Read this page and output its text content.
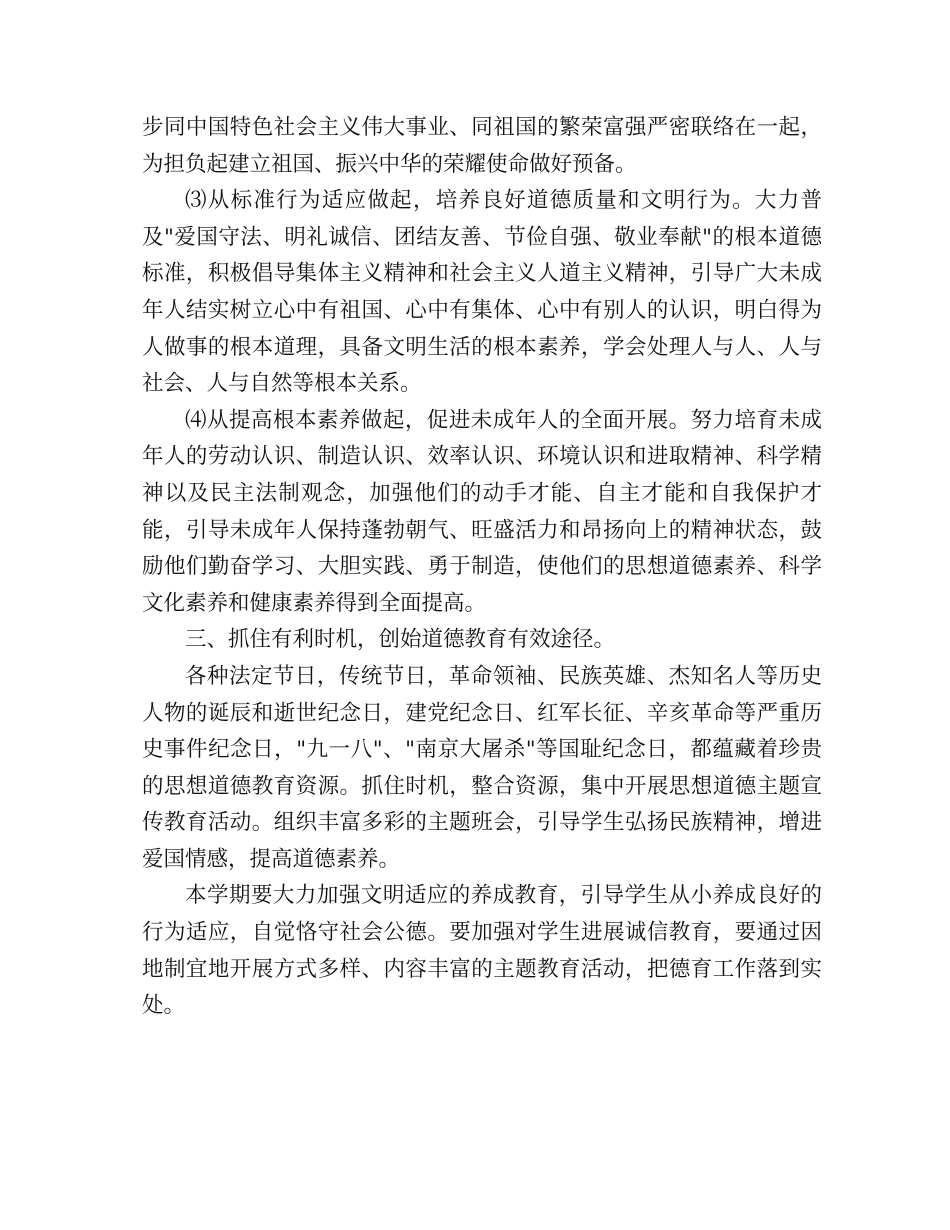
步同中国特色社会主义伟大事业、同祖国的繁荣富强严密联络在一起，为担负起建立祖国、振兴中华的荣耀使命做好预备。

⑶从标准行为适应做起，培养良好道德质量和文明行为。大力普及"爱国守法、明礼诚信、团结友善、节俭自强、敬业奉献"的根本道德标准，积极倡导集体主义精神和社会主义人道主义精神，引导广大未成年人结实树立心中有祖国、心中有集体、心中有别人的认识，明白得为人做事的根本道理，具备文明生活的根本素养，学会处理人与人、人与社会、人与自然等根本关系。

⑷从提高根本素养做起，促进未成年人的全面开展。努力培育未成年人的劳动认识、制造认识、效率认识、环境认识和进取精神、科学精神以及民主法制观念，加强他们的动手才能、自主才能和自我保护才能，引导未成年人保持蓬勃朝气、旺盛活力和昂扬向上的精神状态，鼓励他们勤奋学习、大胆实践、勇于制造，使他们的思想道德素养、科学文化素养和健康素养得到全面提高。

三、抓住有利时机，创始道德教育有效途径。

各种法定节日，传统节日，革命领袖、民族英雄、杰知名人等历史人物的诞辰和逝世纪念日，建党纪念日、红军长征、辛亥革命等严重历史事件纪念日，"九一八"、"南京大屠杀"等国耻纪念日，都蕴藏着珍贵的思想道德教育资源。抓住时机，整合资源，集中开展思想道德主题宣传教育活动。组织丰富多彩的主题班会，引导学生弘扬民族精神，增进爱国情感，提高道德素养。

本学期要大力加强文明适应的养成教育，引导学生从小养成良好的行为适应，自觉恪守社会公德。要加强对学生进展诚信教育，要通过因地制宜地开展方式多样、内容丰富的主题教育活动，把德育工作落到实处。
